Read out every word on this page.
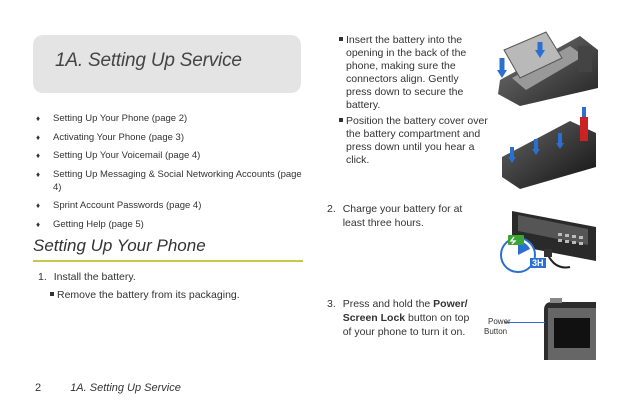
1A. Setting Up Service
♦ Setting Up Your Phone (page 2)
♦ Activating Your Phone (page 3)
♦ Setting Up Your Voicemail (page 4)
♦ Setting Up Messaging & Social Networking Accounts (page 4)
♦ Sprint Account Passwords (page 4)
♦ Getting Help (page 5)
Setting Up Your Phone
1. Install the battery.
Remove the battery from its packaging.
Insert the battery into the opening in the back of the phone, making sure the connectors align. Gently press down to secure the battery.
Position the battery cover over the battery compartment and press down until you hear a click.
2. Charge your battery for at least three hours.
3. Press and hold the Power/ Screen Lock button on top of your phone to turn it on.
3H
Power
Button
2	1A. Setting Up Service
